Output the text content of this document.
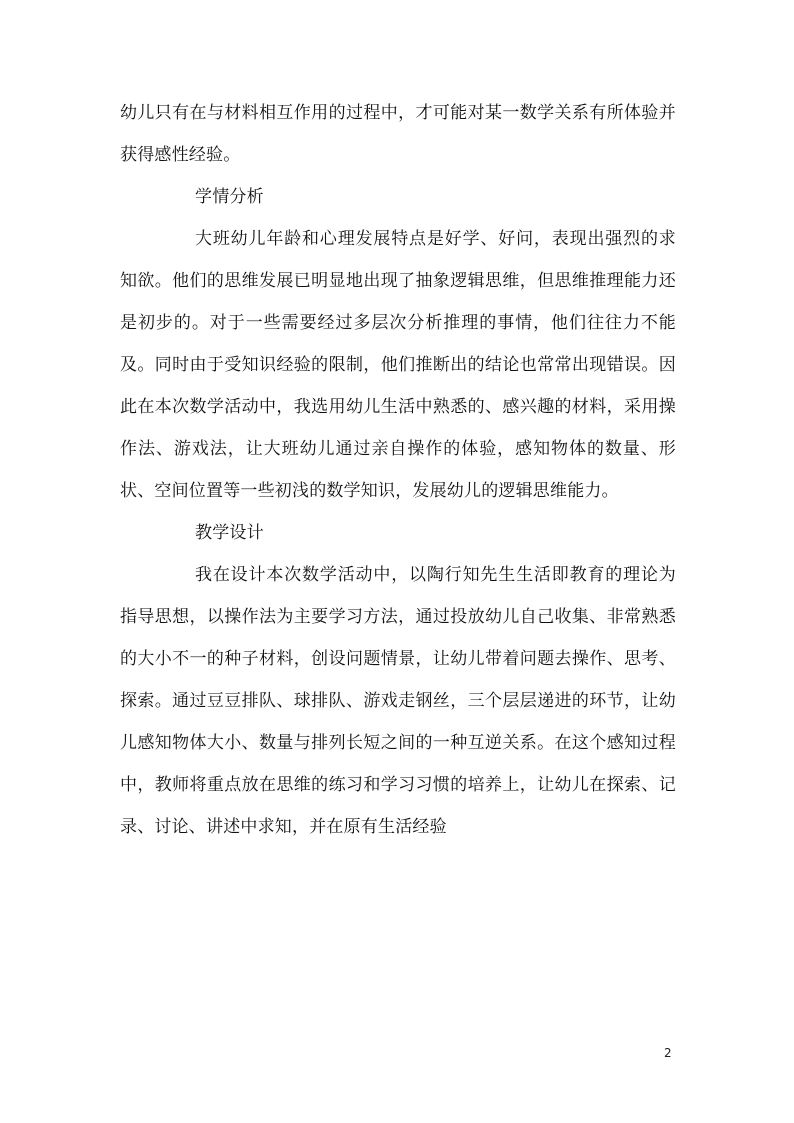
幼儿只有在与材料相互作用的过程中，才可能对某一数学关系有所体验并获得感性经验。

学情分析

大班幼儿年龄和心理发展特点是好学、好问，表现出强烈的求知欲。他们的思维发展已明显地出现了抽象逻辑思维，但思维推理能力还是初步的。对于一些需要经过多层次分析推理的事情，他们往往力不能及。同时由于受知识经验的限制，他们推断出的结论也常常出现错误。因此在本次数学活动中，我选用幼儿生活中熟悉的、感兴趣的材料，采用操作法、游戏法，让大班幼儿通过亲自操作的体验，感知物体的数量、形状、空间位置等一些初浅的数学知识，发展幼儿的逻辑思维能力。

教学设计

我在设计本次数学活动中，以陶行知先生生活即教育的理论为指导思想，以操作法为主要学习方法，通过投放幼儿自己收集、非常熟悉的大小不一的种子材料，创设问题情景，让幼儿带着问题去操作、思考、探索。通过豆豆排队、球排队、游戏走钢丝，三个层层递进的环节，让幼儿感知物体大小、数量与排列长短之间的一种互逆关系。在这个感知过程中，教师将重点放在思维的练习和学习习惯的培养上，让幼儿在探索、记录、讨论、讲述中求知，并在原有生活经验

2
